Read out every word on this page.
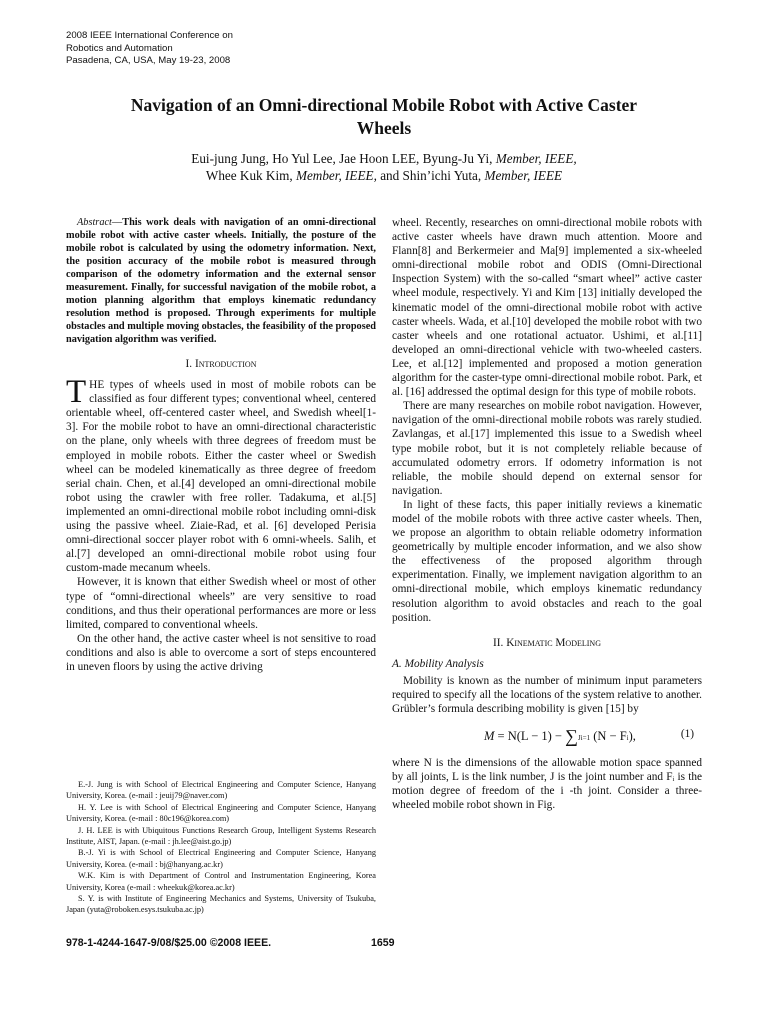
2008 IEEE International Conference on
Robotics and Automation
Pasadena, CA, USA, May 19-23, 2008
Navigation of an Omni-directional Mobile Robot with Active Caster
Wheels
Eui-jung Jung, Ho Yul Lee, Jae Hoon LEE, Byung-Ju Yi, Member, IEEE,
Whee Kuk Kim, Member, IEEE, and Shin’ichi Yuta, Member, IEEE

Abstract—This work deals with navigation of an omni-directional mobile robot with active caster wheels. Initially, the posture of the mobile robot is calculated by using the odometry information. Next, the position accuracy of the mobile robot is measured through comparison of the odometry information and the external sensor measurement. Finally, for successful navigation of the mobile robot, a motion planning algorithm that employs kinematic redundancy resolution method is proposed. Through experiments for multiple obstacles and multiple moving obstacles, the feasibility of the proposed navigation algorithm was verified.

I. Introduction

THE types of wheels used in most of mobile robots can be classified as four different types; conventional wheel, centered orientable wheel, off-centered caster wheel, and Swedish wheel[1-3]. For the mobile robot to have an omni-directional characteristic on the plane, only wheels with three degrees of freedom must be employed in mobile robots. Either the caster wheel or Swedish wheel can be modeled kinematically as three degree of freedom serial chain. Chen, et al.[4] developed an omni-directional mobile robot using the crawler with free roller. Tadakuma, et al.[5] implemented an omni-directional mobile robot including omni-disk using the passive wheel. Ziaie-Rad, et al. [6] developed Perisia omni-directional soccer player robot with 6 omni-wheels. Salih, et al.[7] developed an omni-directional mobile robot using four custom-made mecanum wheels.

However, it is known that either Swedish wheel or most of other type of “omni-directional wheels” are very sensitive to road conditions, and thus their operational performances are more or less limited, compared to conventional wheels.

On the other hand, the active caster wheel is not sensitive to road conditions and also is able to overcome a sort of steps encountered in uneven floors by using the active driving

wheel. Recently, researches on omni-directional mobile robots with active caster wheels have drawn much attention. Moore and Flann[8] and Berkermeier and Ma[9] implemented a six-wheeled omni-directional mobile robot and ODIS (Omni-Directional Inspection System) with the so-called “smart wheel” active caster wheel module, respectively. Yi and Kim [13] initially developed the kinematic model of the omni-directional mobile robot with active caster wheels. Wada, et al.[10] developed the mobile robot with two caster wheels and one rotational actuator. Ushimi, et al.[11] developed an omni-directional vehicle with two-wheeled casters. Lee, et al.[12] implemented and proposed a motion generation algorithm for the caster-type omni-directional mobile robot. Park, et al. [16] addressed the optimal design for this type of mobile robots.

There are many researches on mobile robot navigation. However, navigation of the omni-directional mobile robots was rarely studied. Zavlangas, et al.[17] implemented this issue to a Swedish wheel type mobile robot, but it is not completely reliable because of accumulated odometry errors. If odometry information is not reliable, the mobile should depend on external sensor for navigation.

In light of these facts, this paper initially reviews a kinematic model of the mobile robots with three active caster wheels. Then, we propose an algorithm to obtain reliable odometry information geometrically by multiple encoder information, and we also show the effectiveness of the proposed algorithm through experimentation. Finally, we implement navigation algorithm to an omni-directional mobile, which employs kinematic redundancy resolution algorithm to avoid obstacles and reach to the goal position.

II. Kinematic Modeling
A. Mobility Analysis

Mobility is known as the number of minimum input parameters required to specify all the locations of the system relative to another. Grübler’s formula describing mobility is given [15] by

M = N(L − 1) − ∑Ji=1 (N − Fi),	(1)

where N is the dimensions of the allowable motion space spanned by all joints, L is the link number, J is the joint number and Fᵢ is the motion degree of freedom of the i -th joint. Consider a three-wheeled mobile robot shown in Fig.

E.-J. Jung is with School of Electrical Engineering and Computer Science, Hanyang University, Korea. (e-mail : jeuij79@naver.com)

H. Y. Lee is with School of Electrical Engineering and Computer Science, Hanyang University, Korea. (e-mail : 80c196@korea.com)

J. H. LEE is with Ubiquitous Functions Research Group, Intelligent Systems Research Institute, AIST, Japan. (e-mail : jh.lee@aist.go.jp)

B.-J. Yi is with School of Electrical Engineering and Computer Science, Hanyang University, Korea. (e-mail : bj@hanyang.ac.kr)

W.K. Kim is with Department of Control and Instrumentation Engineering, Korea University, Korea (e-mail : wheekuk@korea.ac.kr)

S. Y. is with Institute of Engineering Mechanics and Systems, University of Tsukuba, Japan (yuta@roboken.esys.tsukuba.ac.jp)

978-1-4244-1647-9/08/$25.00 ©2008 IEEE.	1659
